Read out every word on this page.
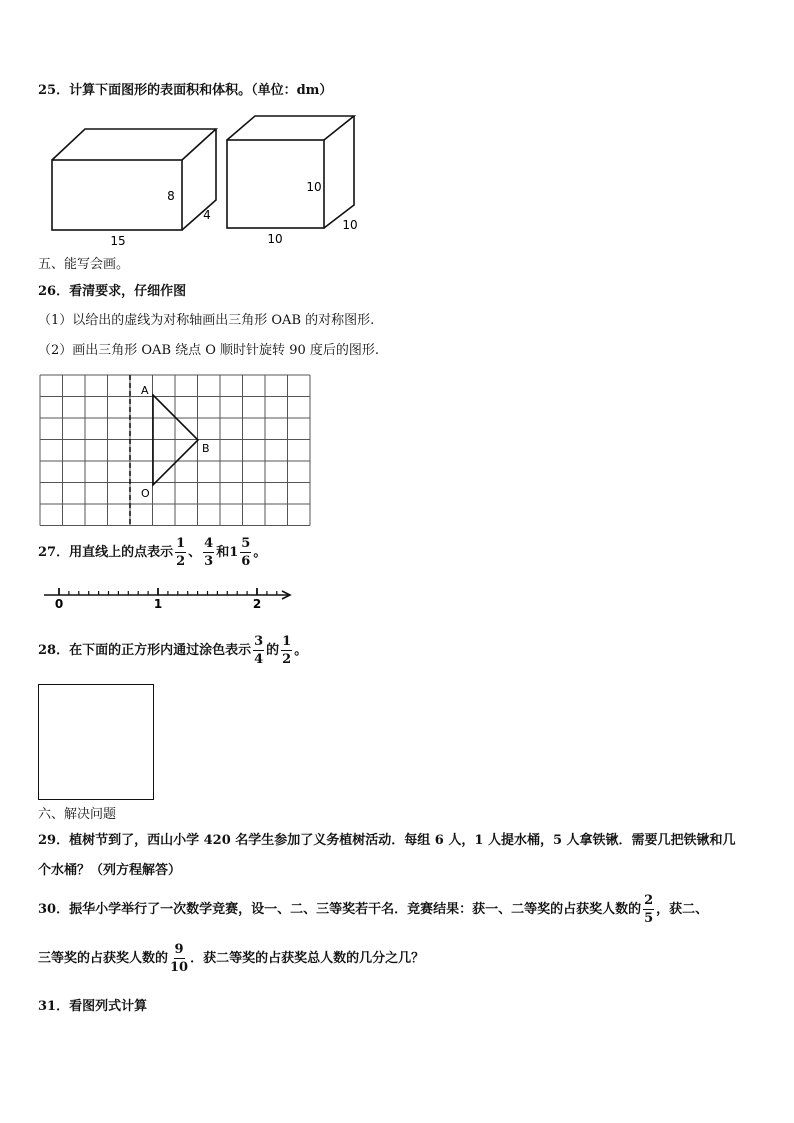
25．计算下面图形的表面积和体积。（单位：dm）
8
4
15
10
10
10
五、能写会画。
26．看清要求，仔细作图
（1）以给出的虚线为对称轴画出三角形 OAB 的对称图形.
（2）画出三角形 OAB 绕点 O 顺时针旋转 90 度后的图形.
A
B
O
27．用直线上的点表示 $\frac{1}{2}$ 、 $\frac{4}{3}$ 和$1 \frac{5}{6}$ 。
0	1	2
28．在下面的正方形内通过涂色表示 $\frac{3}{4}$ 的 $\frac{1}{2}$ 。
六、解决问题
29．植树节到了，西山小学 420 名学生参加了义务植树活动．每组 6 人，1 人提水桶，5 人拿铁锹．需要几把铁锹和几
个水桶？（列方程解答）
30．振华小学举行了一次数学竞赛，设一、二、三等奖若干名．竞赛结果：获一、二等奖的占获奖人数的 $\frac{2}{5}$ ，获二、
三等奖的占获奖人数的 $\frac{9}{10}$ ．获二等奖的占获奖总人数的几分之几？
31．看图列式计算
